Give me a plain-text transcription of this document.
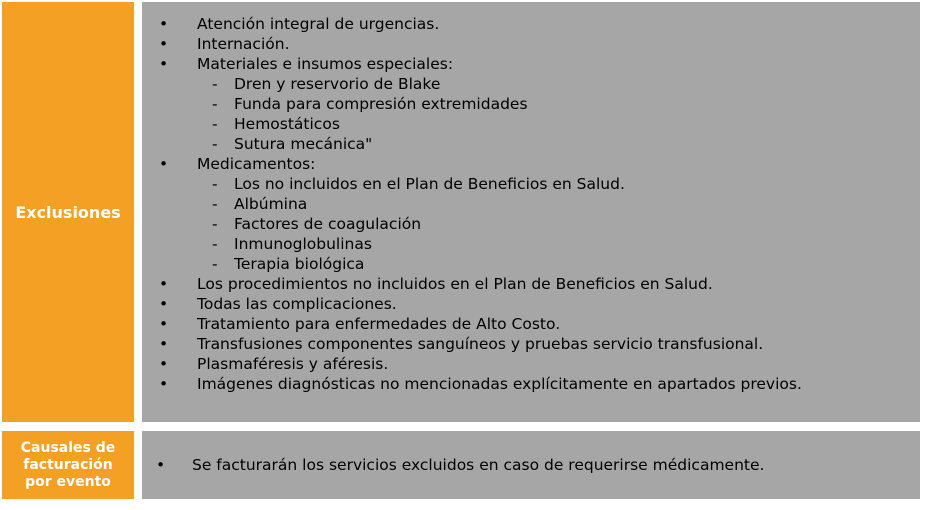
Exclusiones
• Atención integral de urgencias.
• Internación.
• Materiales e insumos especiales:
- Dren y reservorio de Blake
- Funda para compresión extremidades
- Hemostáticos
- Sutura mecánica"
• Medicamentos:
- Los no incluidos en el Plan de Beneficios en Salud.
- Albúmina
- Factores de coagulación
- Inmunoglobulinas
- Terapia biológica
• Los procedimientos no incluidos en el Plan de Beneficios en Salud.
• Todas las complicaciones.
• Tratamiento para enfermedades de Alto Costo.
• Transfusiones componentes sanguíneos y pruebas servicio transfusional.
• Plasmaféresis y aféresis.
• Imágenes diagnósticas no mencionadas explícitamente en apartados previos.
Causales de
facturación
por evento
• Se facturarán los servicios excluidos en caso de requerirse médicamente.
